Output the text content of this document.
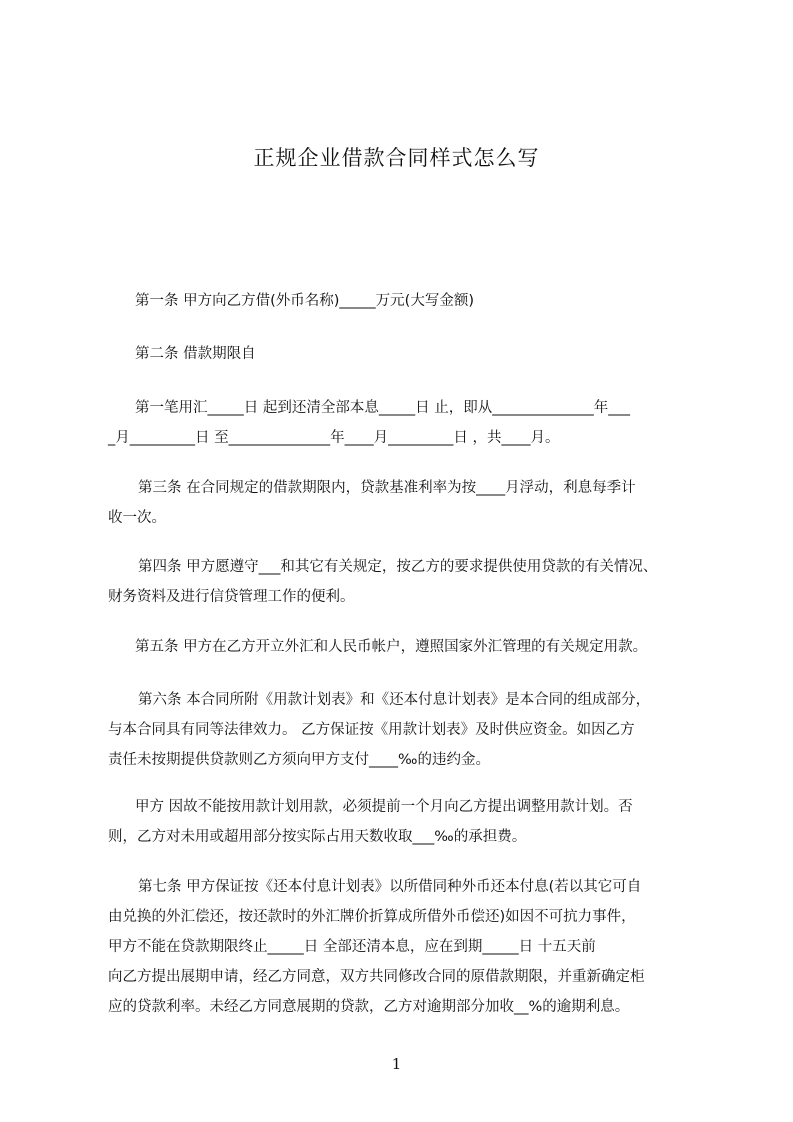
正规企业借款合同样式怎么写

第一条 甲方向乙方借(外币名称)_____万元(大写金额)

第二条 借款期限自

第一笔用汇_____日 起到还清全部本息_____日 止，即从______________年___
_月_________日 至______________年____月_________日 ，共____月。

第三条 在合同规定的借款期限内，贷款基准利率为按____月浮动，利息每季计
收一次。

第四条 甲方愿遵守___和其它有关规定，按乙方的要求提供使用贷款的有关情况、
财务资料及进行信贷管理工作的便利。

第五条 甲方在乙方开立外汇和人民币帐户，遵照国家外汇管理的有关规定用款。

第六条 本合同所附《用款计划表》和《还本付息计划表》是本合同的组成部分，
与本合同具有同等法律效力。 乙方保证按《用款计划表》及时供应资金。如因乙方
责任未按期提供贷款则乙方须向甲方支付____‰的违约金。

甲方 因故不能按用款计划用款，必须提前一个月向乙方提出调整用款计划。否
则，乙方对未用或超用部分按实际占用天数收取___‰的承担费。

第七条 甲方保证按《还本付息计划表》以所借同种外币还本付息(若以其它可自
由兑换的外汇偿还，按还款时的外汇牌价折算成所借外币偿还)如因不可抗力事件，
甲方不能在贷款期限终止_____日 全部还清本息，应在到期_____日 十五天前
向乙方提出展期申请，经乙方同意，双方共同修改合同的原借款期限，并重新确定柜
应的贷款利率。未经乙方同意展期的贷款，乙方对逾期部分加收__%的逾期利息。

1
